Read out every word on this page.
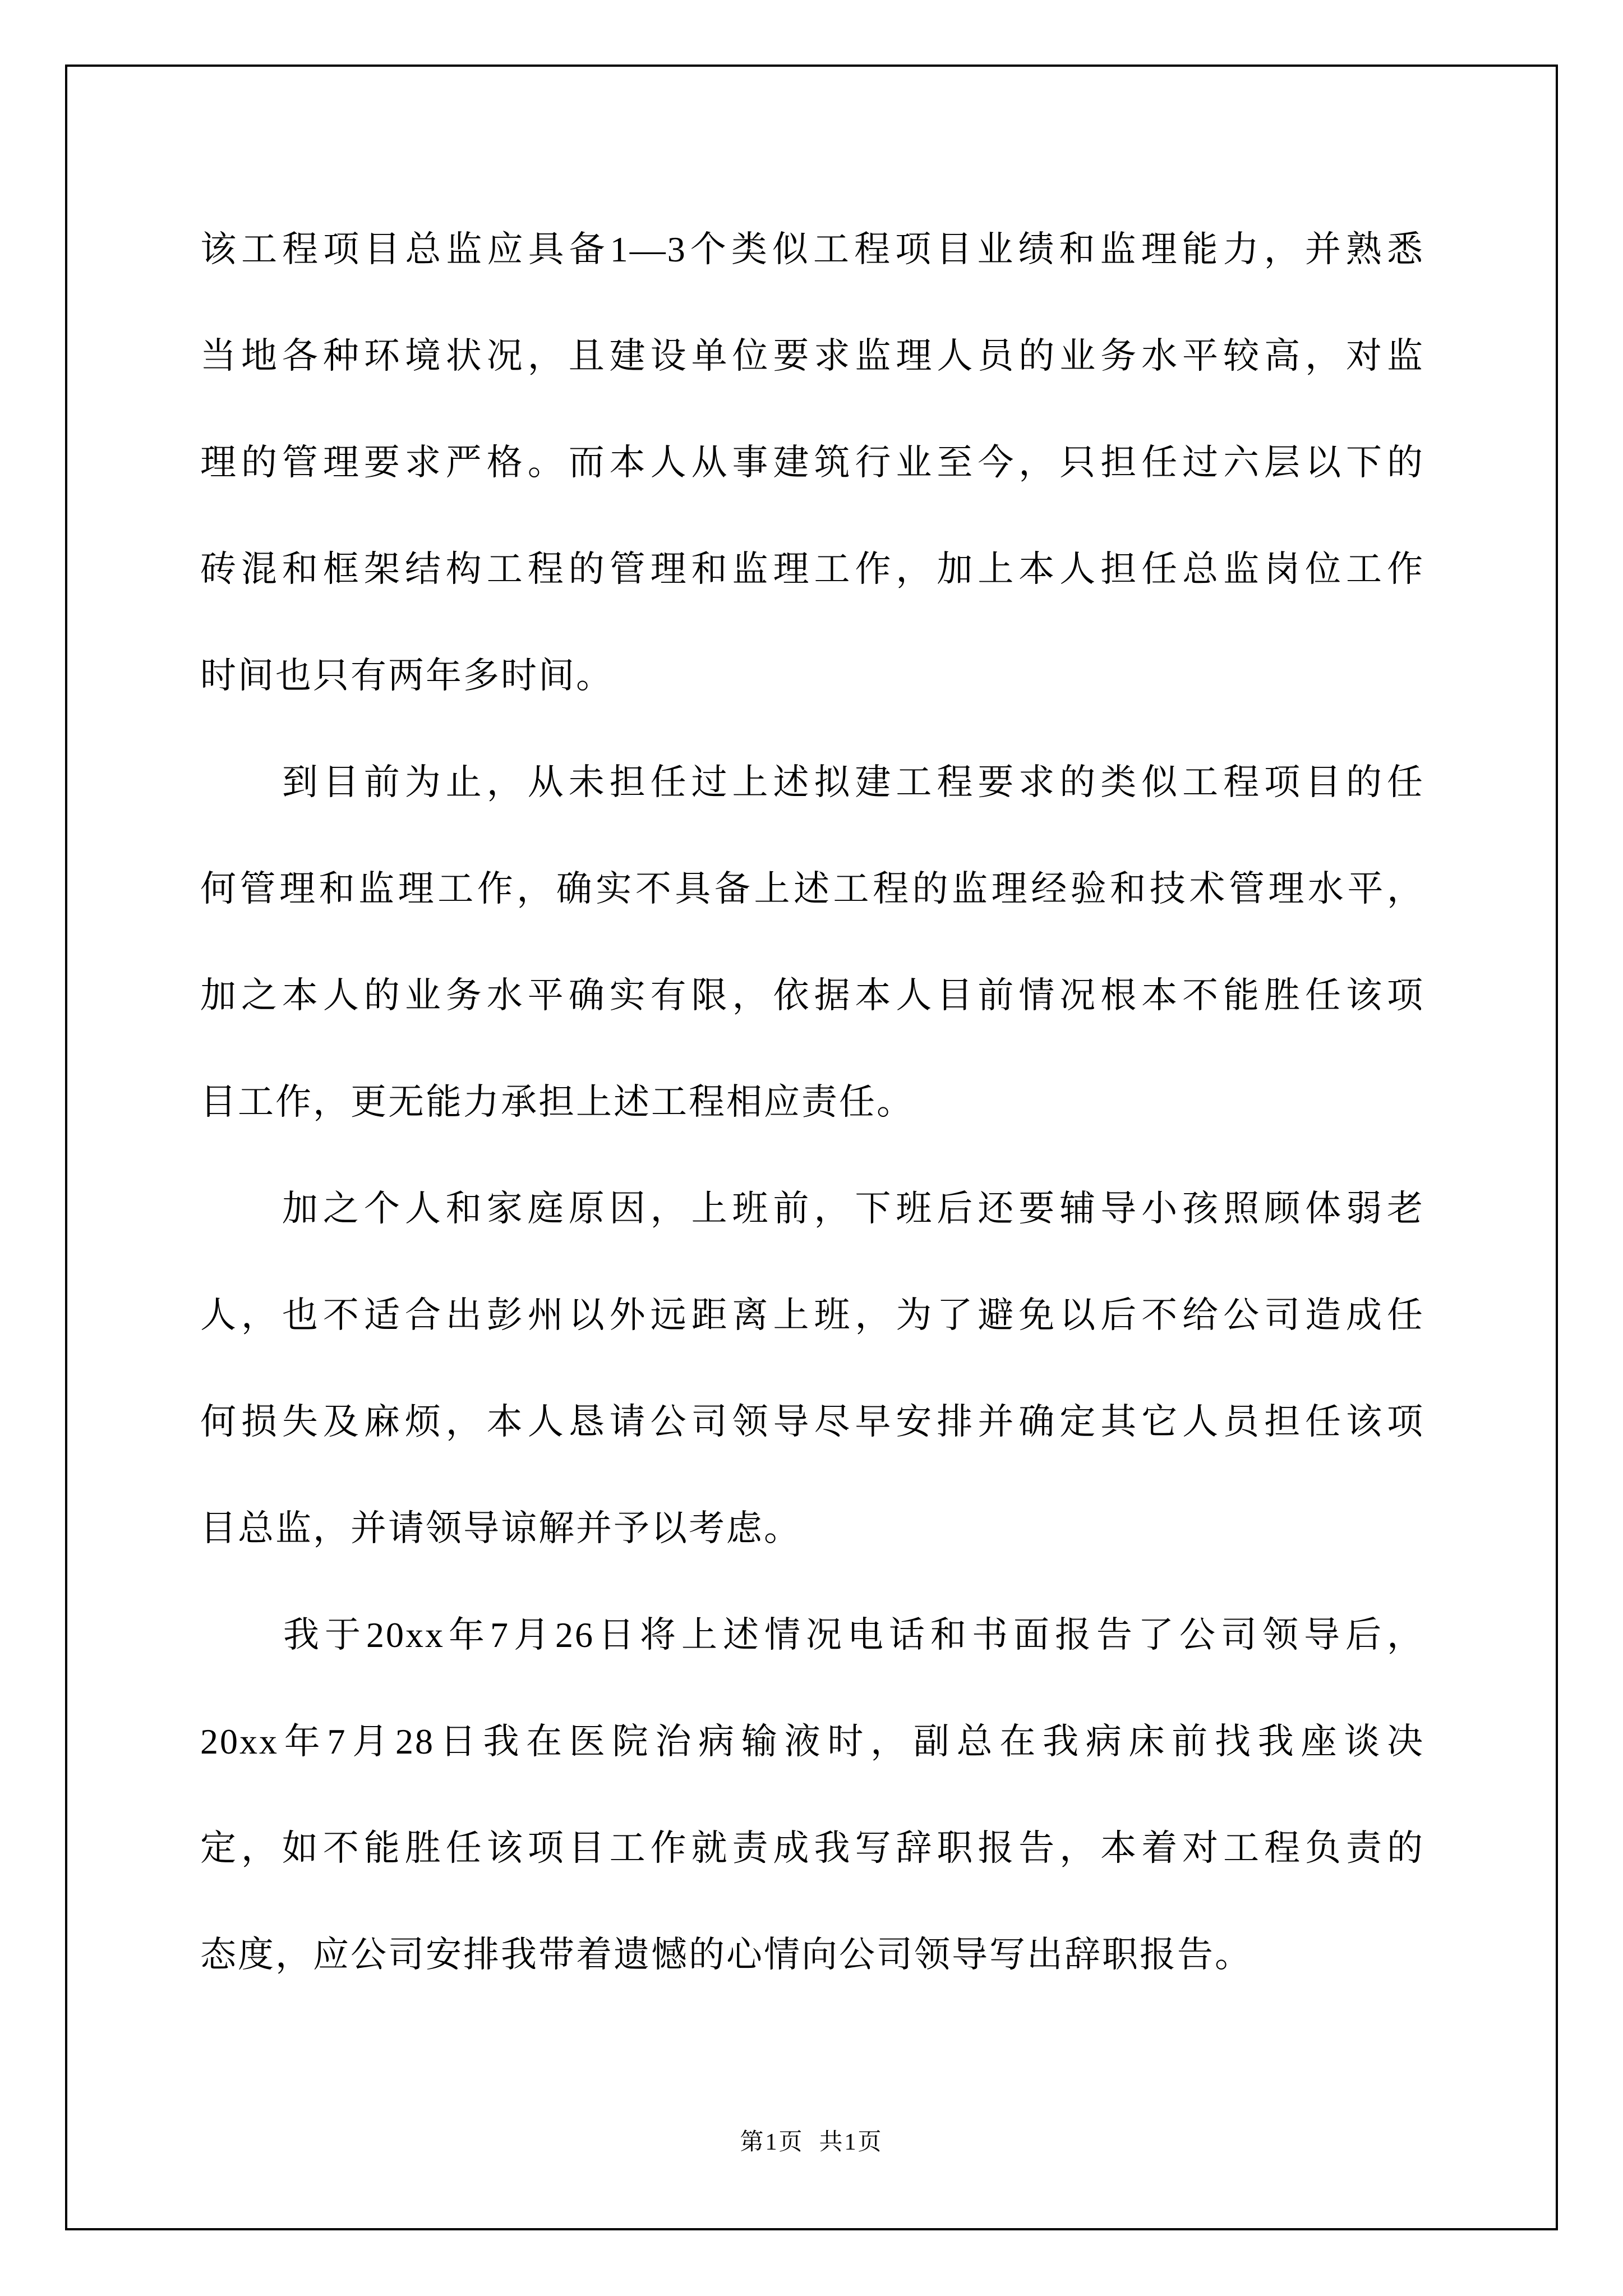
该工程项目总监应具备1—3个类似工程项目业绩和监理能力，并熟悉
当地各种环境状况，且建设单位要求监理人员的业务水平较高，对监
理的管理要求严格。而本人从事建筑行业至今，只担任过六层以下的
砖混和框架结构工程的管理和监理工作，加上本人担任总监岗位工作
时间也只有两年多时间。
　　到目前为止，从未担任过上述拟建工程要求的类似工程项目的任
何管理和监理工作，确实不具备上述工程的监理经验和技术管理水平，
加之本人的业务水平确实有限，依据本人目前情况根本不能胜任该项
目工作，更无能力承担上述工程相应责任。
　　加之个人和家庭原因，上班前，下班后还要辅导小孩照顾体弱老
人，也不适合出彭州以外远距离上班，为了避免以后不给公司造成任
何损失及麻烦，本人恳请公司领导尽早安排并确定其它人员担任该项
目总监，并请领导谅解并予以考虑。
　　我于20xx年7月26日将上述情况电话和书面报告了公司领导后，
20xx年7月28日我在医院治病输液时，副总在我病床前找我座谈决
定，如不能胜任该项目工作就责成我写辞职报告，本着对工程负责的
态度，应公司安排我带着遗憾的心情向公司领导写出辞职报告。
第1页  共1页
